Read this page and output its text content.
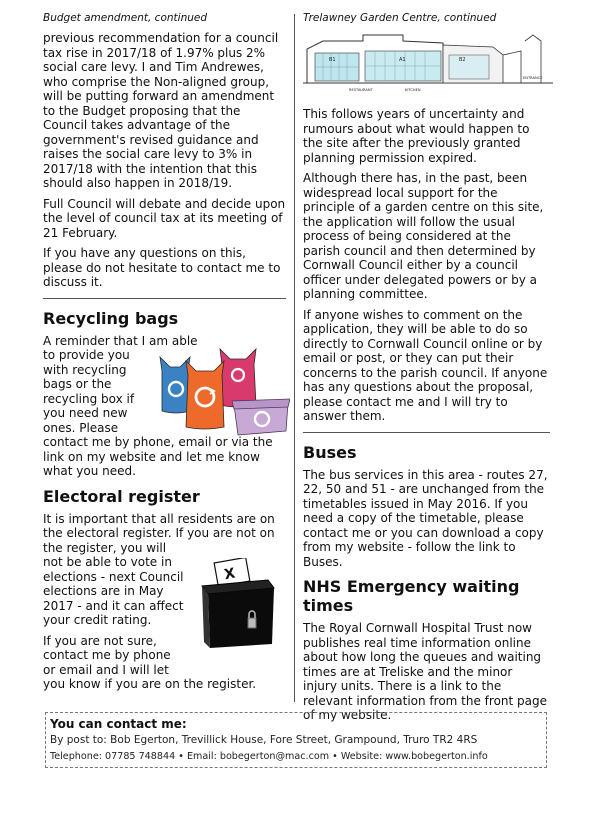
Budget amendment, continued

previous recommendation for a council tax rise in 2017/18 of 1.97% plus 2% social care levy. I and Tim Andrewes, who comprise the Non-aligned group, will be putting forward an amendment to the Budget proposing that the Council takes advantage of the government's revised guidance and raises the social care levy to 3% in 2017/18 with the intention that this should also happen in 2018/19.

Full Council will debate and decide upon the level of council tax at its meeting of 21 February.

If you have any questions on this, please do not hesitate to contact me to discuss it.

Recycling bags

A reminder that I am able
to provide you
with recycling
bags or the
recycling box if
you need new
ones. Please

contact me by phone, email or via the link on my website and let me know what you need.

Electoral register

It is important that all residents are on the electoral register. If you are not on

the register, you will
not be able to vote in
elections - next Council
elections are in May
2017 - and it can affect
your credit rating.

If you are not sure,
contact me by phone
or email and I will let

you know if you are on the register.

X
Trelawney Garden Centre, continued
B1	A1	B2
RESTAURANT	KITCHEN
ENTRANCE

This follows years of uncertainty and rumours about what would happen to the site after the previously granted planning permission expired.

Although there has, in the past, been widespread local support for the principle of a garden centre on this site, the application will follow the usual process of being considered at the parish council and then determined by Cornwall Council either by a council officer under delegated powers or by a planning committee.

If anyone wishes to comment on the application, they will be able to do so directly to Cornwall Council online or by email or post, or they can put their concerns to the parish council. If anyone has any questions about the proposal, please contact me and I will try to answer them.

Buses

The bus services in this area - routes 27, 22, 50 and 51 - are unchanged from the timetables issued in May 2016. If you need a copy of the timetable, please contact me or you can download a copy from my website - follow the link to Buses.

NHS Emergency waiting times

The Royal Cornwall Hospital Trust now publishes real time information online about how long the queues and waiting times are at Treliske and the minor injury units. There is a link to the relevant information from the front page of my website.

You can contact me:
By post to: Bob Egerton, Trevillick House, Fore Street, Grampound, Truro TR2 4RS
Telephone: 07785 748844 • Email: bobegerton@mac.com • Website: www.bobegerton.info
